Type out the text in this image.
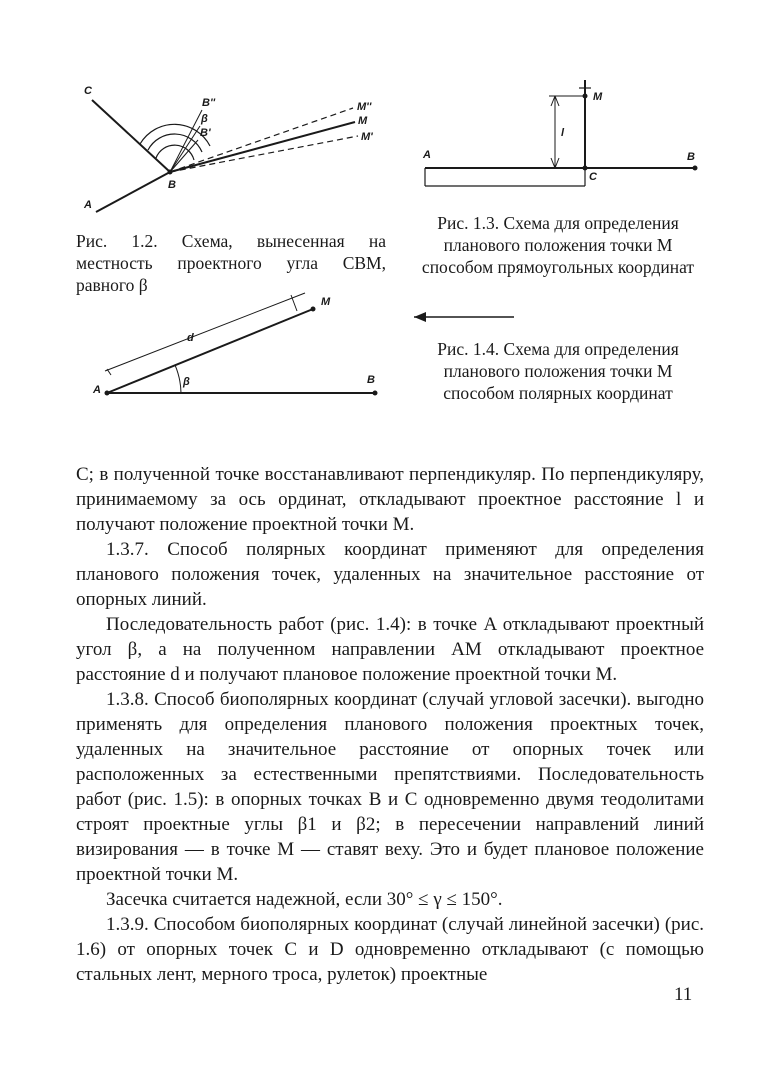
C
A
B
B''
β
B'
M''
M
M'
Рис. 1.2. Схема, вынесенная на местность проектного угла CBM, равного β
A	B
C
M
l
Рис. 1.3. Схема для определения планового положения точки M способом прямоугольных координат
A
B
M
d
β
Рис. 1.4. Схема для определения планового положения точки M способом полярных координат

C; в полученной точке восстанавливают перпендикуляр. По перпендикуляру, принимаемому за ось ординат, откладывают проектное расстояние l и получают положение проектной точки M.

1.3.7. Способ полярных координат применяют для определения планового положения точек, удаленных на значительное расстояние от опорных линий.

Последовательность работ (рис. 1.4): в точке A откладывают проектный угол β, а на полученном направлении AM откладывают проектное расстояние d и получают плановое положение проектной точки M.

1.3.8. Способ биополярных координат (случай угловой засечки). выгодно применять для определения планового положения проектных точек, удаленных на значительное расстояние от опорных точек или расположенных за естественными препятствиями. Последовательность работ (рис. 1.5): в опорных точках B и C одновременно двумя теодолитами строят проектные углы β1 и β2; в пересечении направлений линий визирования — в точке M — ставят веху. Это и будет плановое положение проектной точки M.

Засечка считается надежной, если 30° ≤ γ ≤ 150°.

1.3.9. Способом биополярных координат (случай линейной засечки) (рис. 1.6) от опорных точек C и D одновременно откладывают (с помощью стальных лент, мерного троса, рулеток) проектные

11
